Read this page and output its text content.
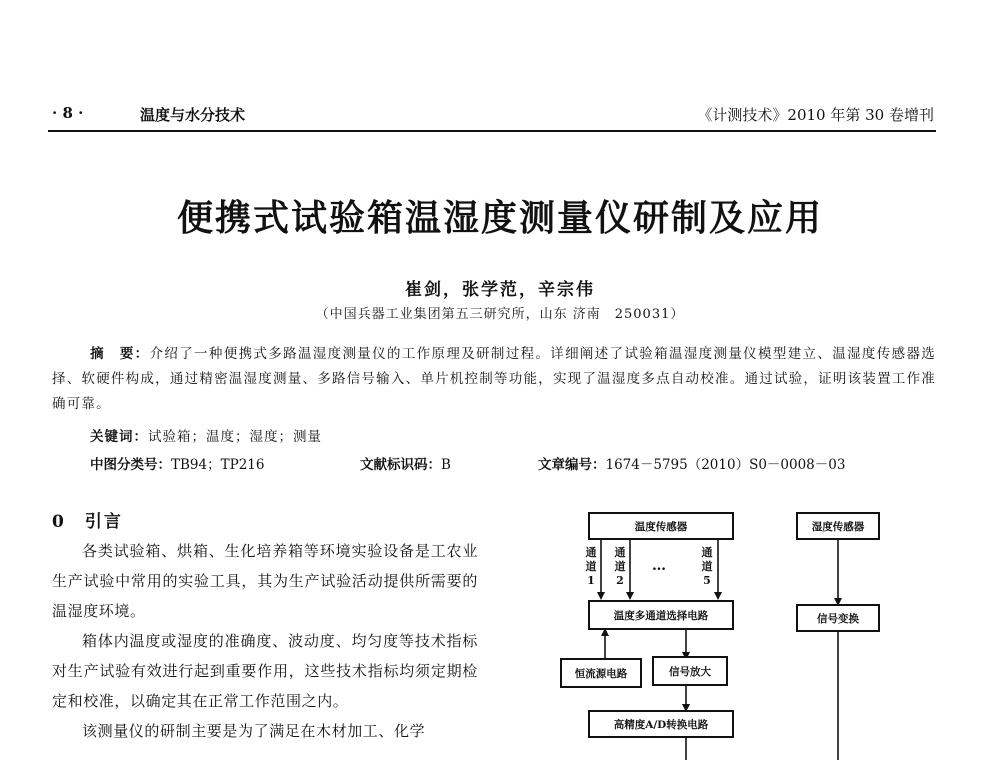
· 8 ·	温度与水分技术	《计测技术》2010 年第 30 卷增刊
便携式试验箱温湿度测量仪研制及应用
崔剑，张学范，辛宗伟
（中国兵器工业集团第五三研究所，山东 济南　250031）
摘　要：介绍了一种便携式多路温湿度测量仪的工作原理及研制过程。详细阐述了试验箱温湿度测量仪模型建立、温湿度传感器选择、软硬件构成，通过精密温湿度测量、多路信号输入、单片机控制等功能，实现了温湿度多点自动校准。通过试验，证明该装置工作准确可靠。
关键词：试验箱；温度；湿度；测量
中图分类号：TB94；TP216	文献标识码：B	文章编号：1674－5795（2010）S0－0008－03
0　引言

各类试验箱、烘箱、生化培养箱等环境实验设备是工农业生产试验中常用的实验工具，其为生产试验活动提供所需要的温湿度环境。

箱体内温度或湿度的准确度、波动度、均匀度等技术指标对生产试验有效进行起到重要作用，这些技术指标均须定期检定和校准，以确定其在正常工作范围之内。

该测量仪的研制主要是为了满足在木材加工、化学

温度传感器	湿度传感器
通道1
通道2
…
通道5
温度多通道选择电路	信号变换
恒流源电路	信号放大
高精度A/D转换电路
